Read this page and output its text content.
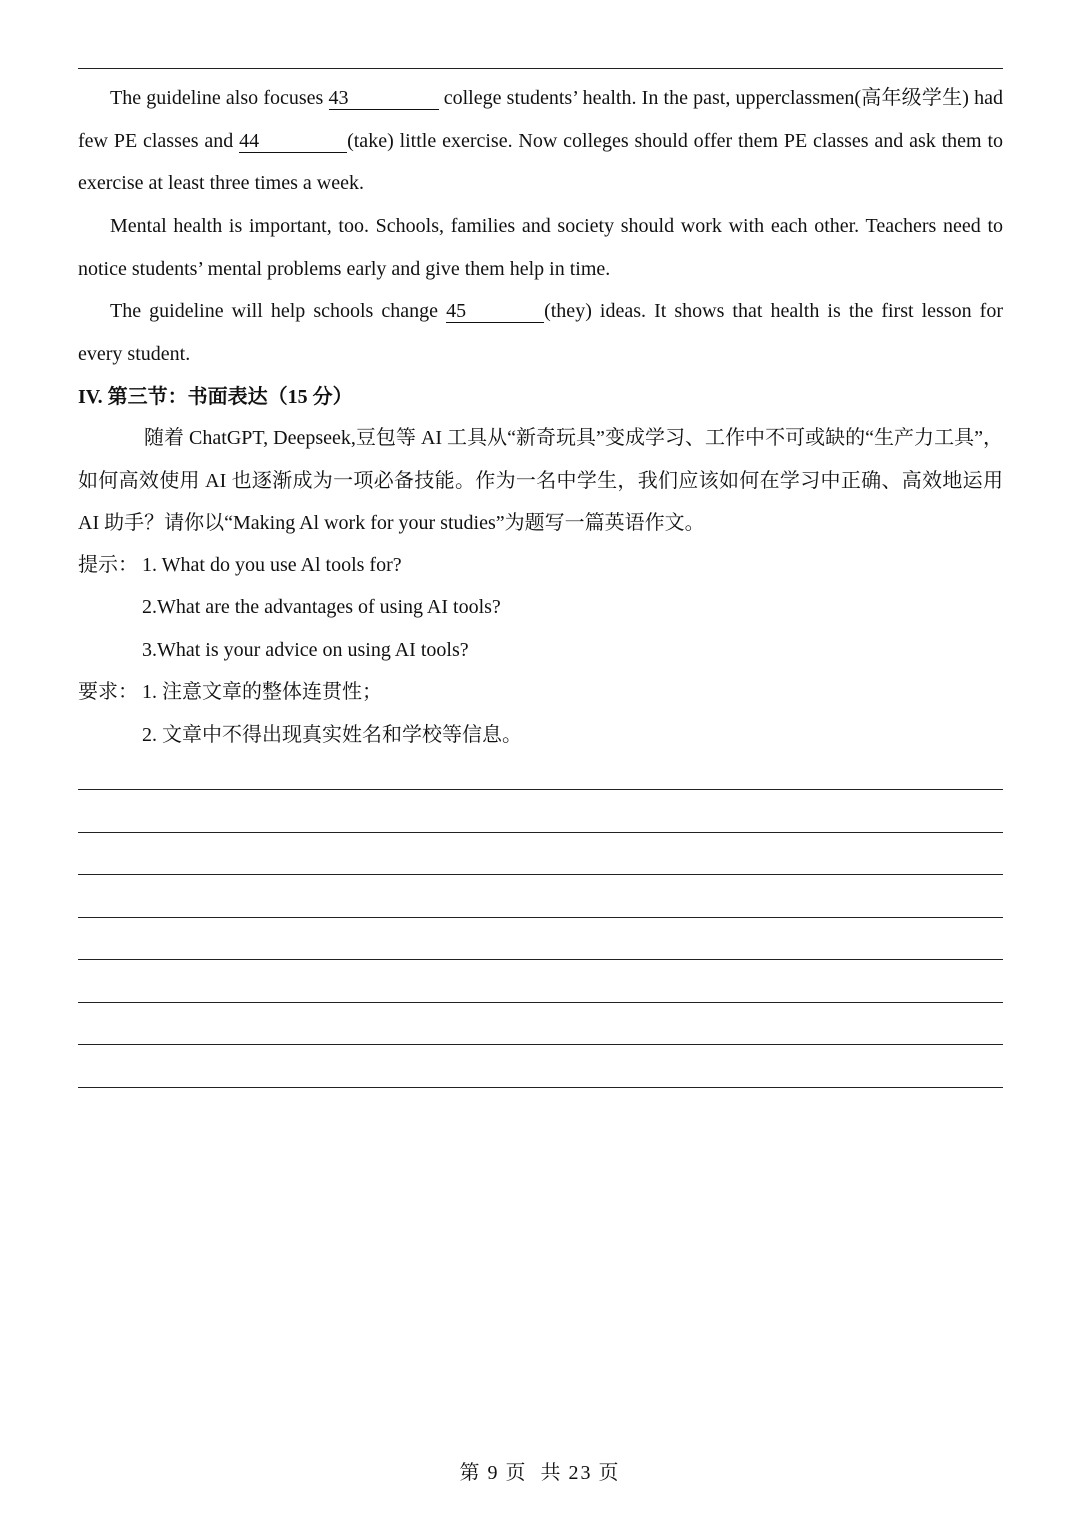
The guideline also focuses 43	college students’ health. In the past, upperclassmen(高年级学生) had few PE classes and 44	(take) little exercise. Now colleges should offer them PE classes and ask them to exercise at least three times a week.

Mental health is important, too. Schools, families and society should work with each other. Teachers need to notice students’ mental problems early and give them help in time.

The guideline will help schools change 45	(they) ideas. It shows that health is the first lesson for every student.

IV. 第三节：书面表达（15 分）

随着 ChatGPT, Deepseek,豆包等 AI 工具从“新奇玩具”变成学习、工作中不可或缺的“生产力工具”，如何高效使用 AI 也逐渐成为一项必备技能。作为一名中学生，我们应该如何在学习中正确、高效地运用 AI 助手？请你以“Making Al work for your studies”为题写一篇英语作文。

提示： 1. What do you use Al tools for?

2.What are the advantages of using AI tools?

3.What is your advice on using AI tools?

要求： 1. 注意文章的整体连贯性；

2. 文章中不得出现真实姓名和学校等信息。

第 9 页 共 23 页
